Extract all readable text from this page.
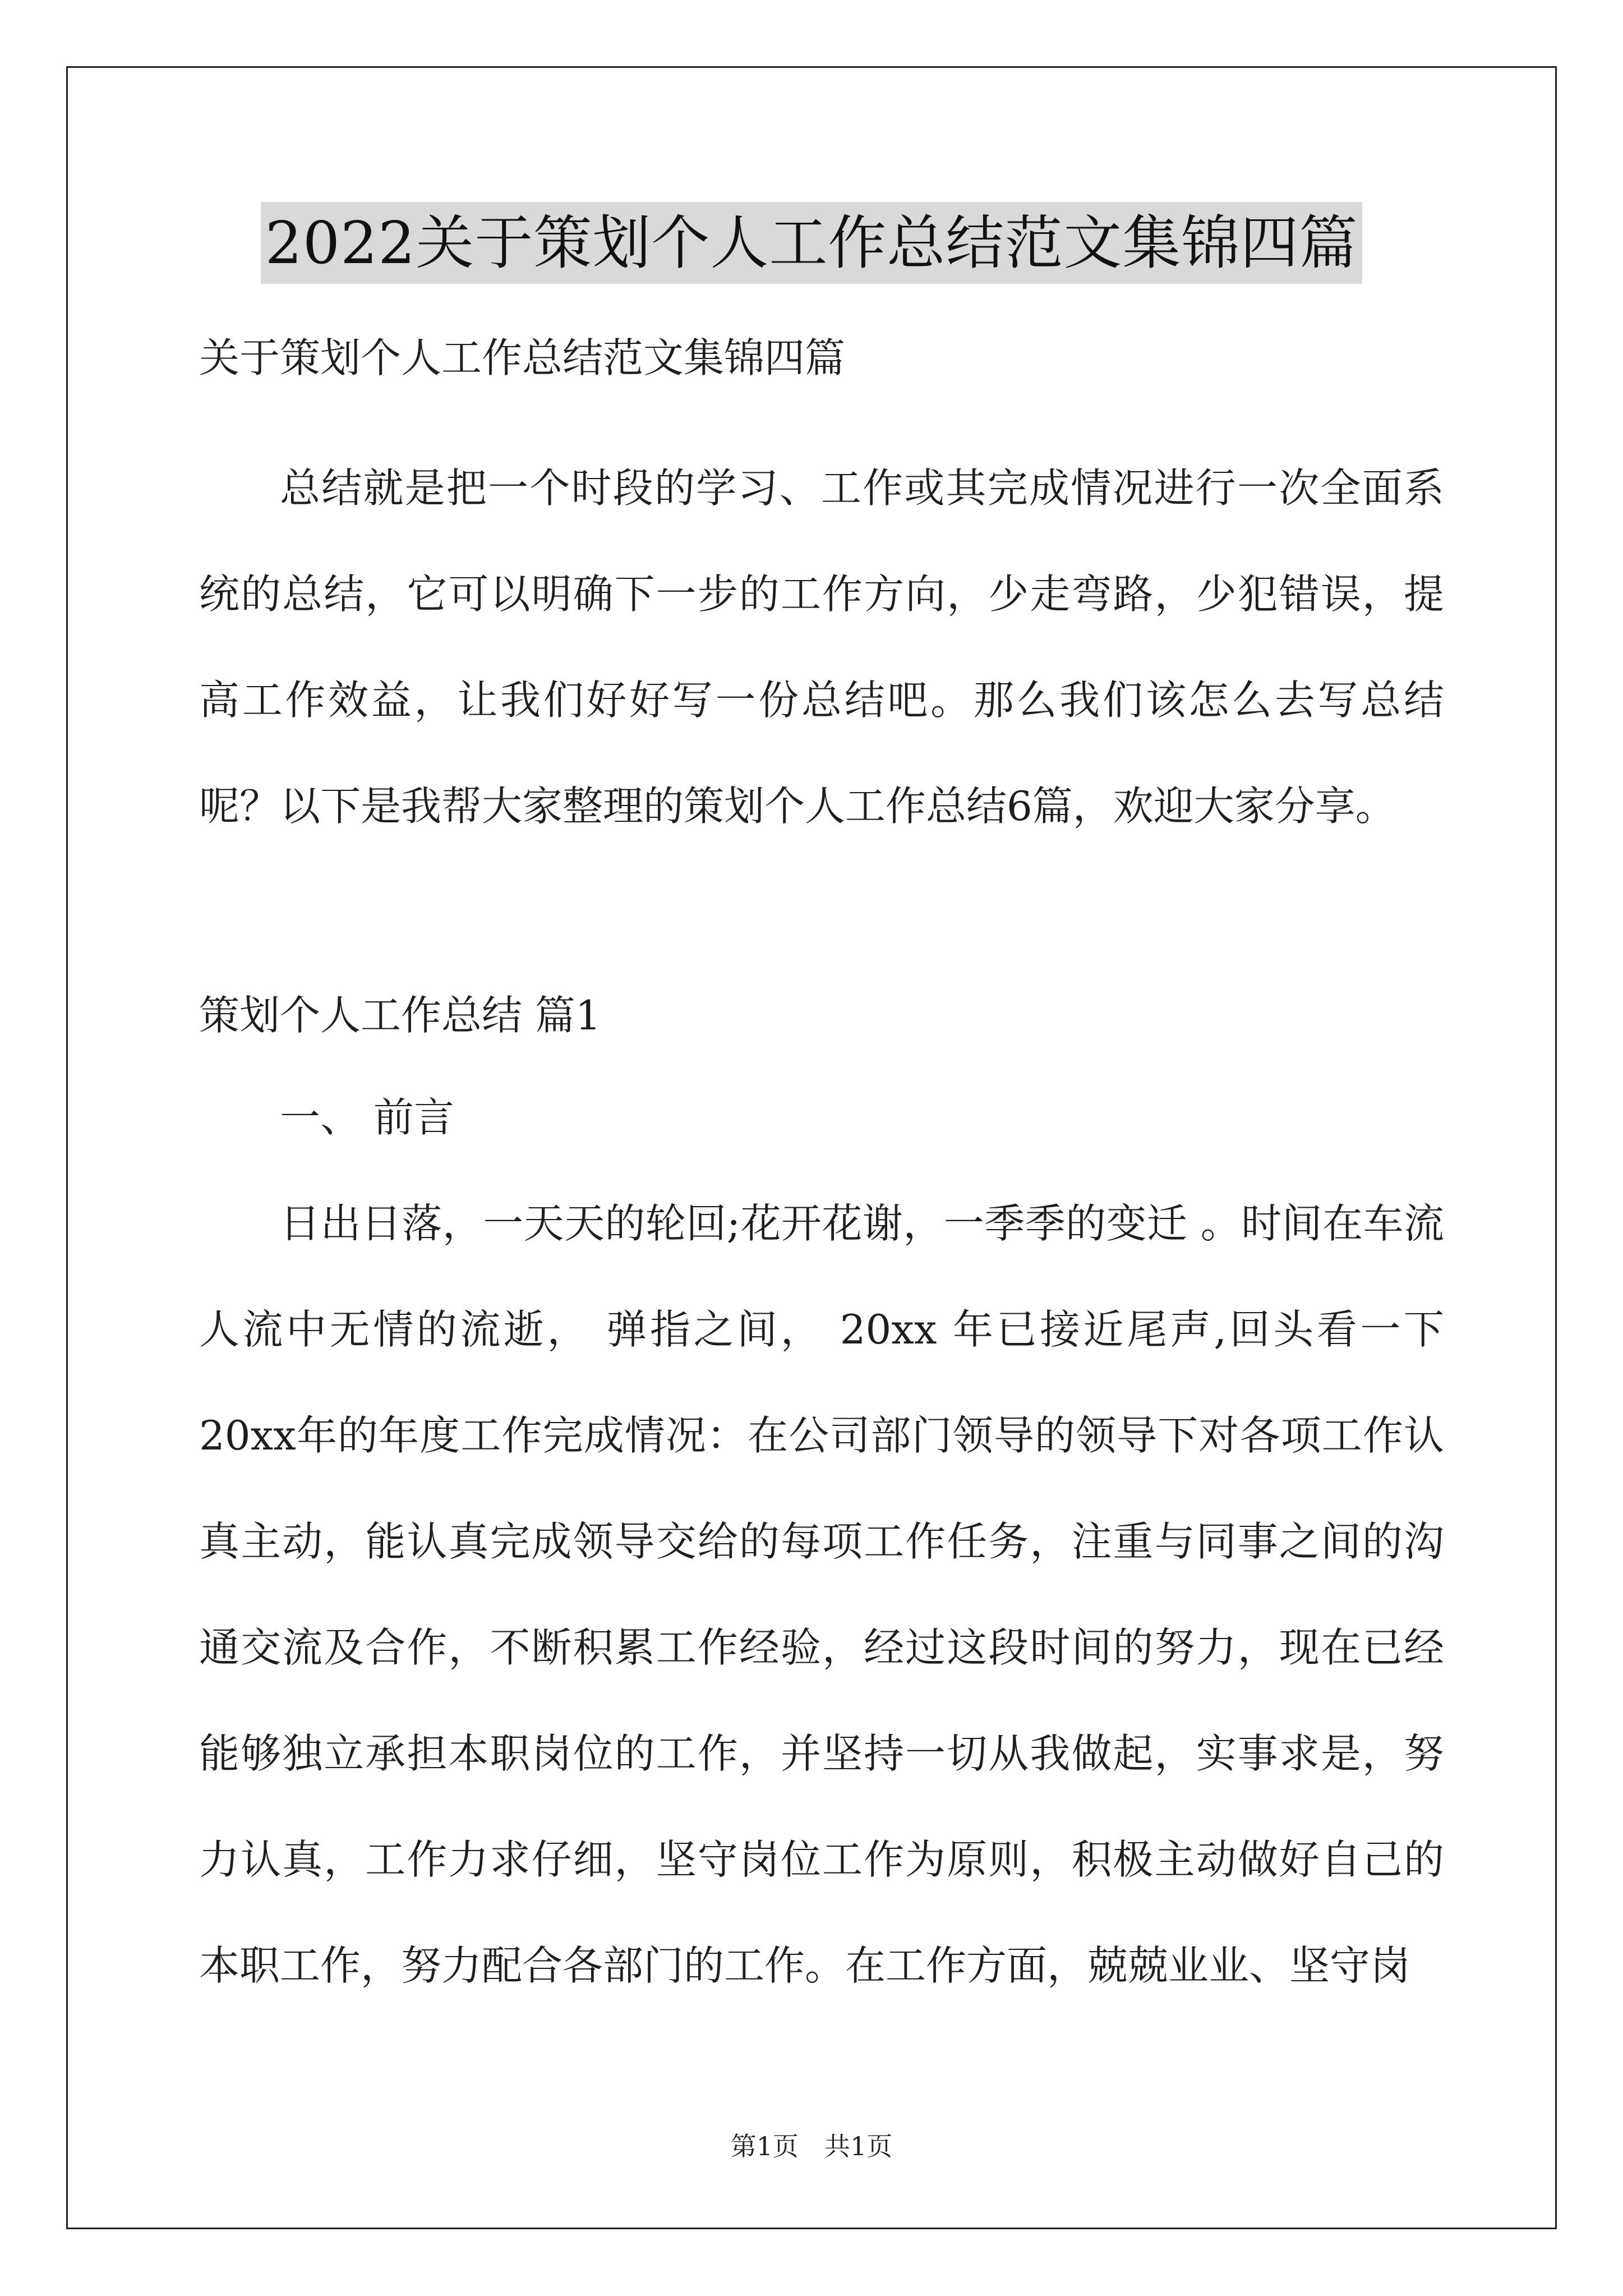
2022关于策划个人工作总结范文集锦四篇
关于策划个人工作总结范文集锦四篇
总结就是把一个时段的学习、工作或其完成情况进行一次全面系统的总结，它可以明确下一步的工作方向，少走弯路，少犯错误，提高工作效益，让我们好好写一份总结吧。那么我们该怎么去写总结呢？以下是我帮大家整理的策划个人工作总结6篇，欢迎大家分享。
策划个人工作总结 篇1
一、 前言
日出日落，一天天的轮回;花开花谢，一季季的变迁 。时间在车流人流中无情的流逝， 弹指之间， 20xx 年已接近尾声,回头看一下20xx年的年度工作完成情况：在公司部门领导的领导下对各项工作认真主动，能认真完成领导交给的每项工作任务，注重与同事之间的沟通交流及合作，不断积累工作经验，经过这段时间的努力，现在已经能够独立承担本职岗位的工作，并坚持一切从我做起，实事求是，努力认真，工作力求仔细，坚守岗位工作为原则，积极主动做好自己的本职工作，努力配合各部门的工作。在工作方面，兢兢业业、坚守岗
第1页 共1页
